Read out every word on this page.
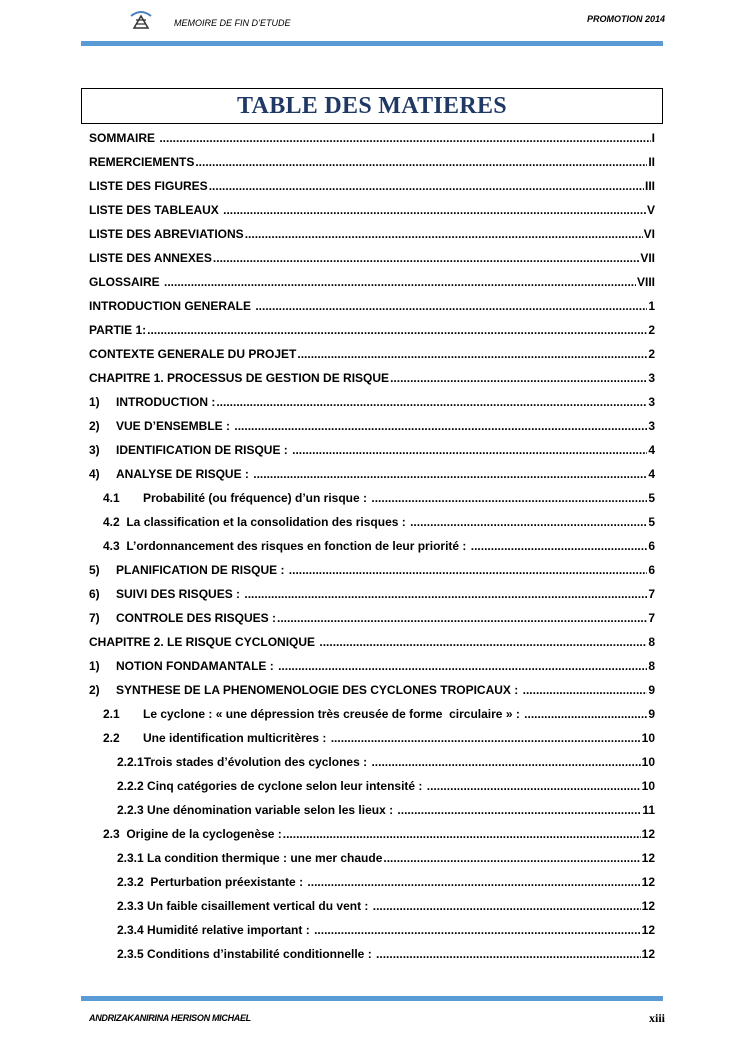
MEMOIRE DE FIN D’ETUDE	PROMOTION 2014
TABLE DES MATIERES
SOMMAIRE .....	I
REMERCIEMENTS .....	II
LISTE DES FIGURES .....	III
LISTE DES TABLEAUX .....	V
LISTE DES ABREVIATIONS .....	VI
LISTE DES ANNEXES .....	VII
GLOSSAIRE .....	VIII
INTRODUCTION GENERALE .....	1
PARTIE 1: .....	2
CONTEXTE GENERALE DU PROJET .....	2
CHAPITRE 1. PROCESSUS DE GESTION DE RISQUE .....	3
1)	INTRODUCTION : .....	3
2)	VUE D’ENSEMBLE : .....	3
3)	IDENTIFICATION DE RISQUE : .....	4
4)	ANALYSE DE RISQUE : .....	4
4.1	Probabilité (ou fréquence) d’un risque : .....	5
4.2  La classification et la consolidation des risques : .....	5
4.3  L’ordonnancement des risques en fonction de leur priorité : .....	6
5)	PLANIFICATION DE RISQUE : .....	6
6)	SUIVI DES RISQUES : .....	7
7)	CONTROLE DES RISQUES : .....	7
CHAPITRE 2. LE RISQUE CYCLONIQUE .....	8
1)	NOTION FONDAMANTALE : .....	8
2)	SYNTHESE DE LA PHENOMENOLOGIE DES CYCLONES TROPICAUX : .....	9
2.1	Le cyclone : « une dépression très creusée de forme  circulaire » : .....	9
2.2	Une identification multicritères : .....	10
2.2.1Trois stades d’évolution des cyclones : .....	10
2.2.2 Cinq catégories de cyclone selon leur intensité : .....	10
2.2.3 Une dénomination variable selon les lieux : .....	11
2.3  Origine de la cyclogenèse : .....	12
2.3.1 La condition thermique : une mer chaude .....	12
2.3.2  Perturbation préexistante : .....	12
2.3.3 Un faible cisaillement vertical du vent : .....	12
2.3.4 Humidité relative important : .....	12
2.3.5 Conditions d’instabilité conditionnelle : .....	12
ANDRIZAKANIRINA HERISON MICHAEL	xiii
